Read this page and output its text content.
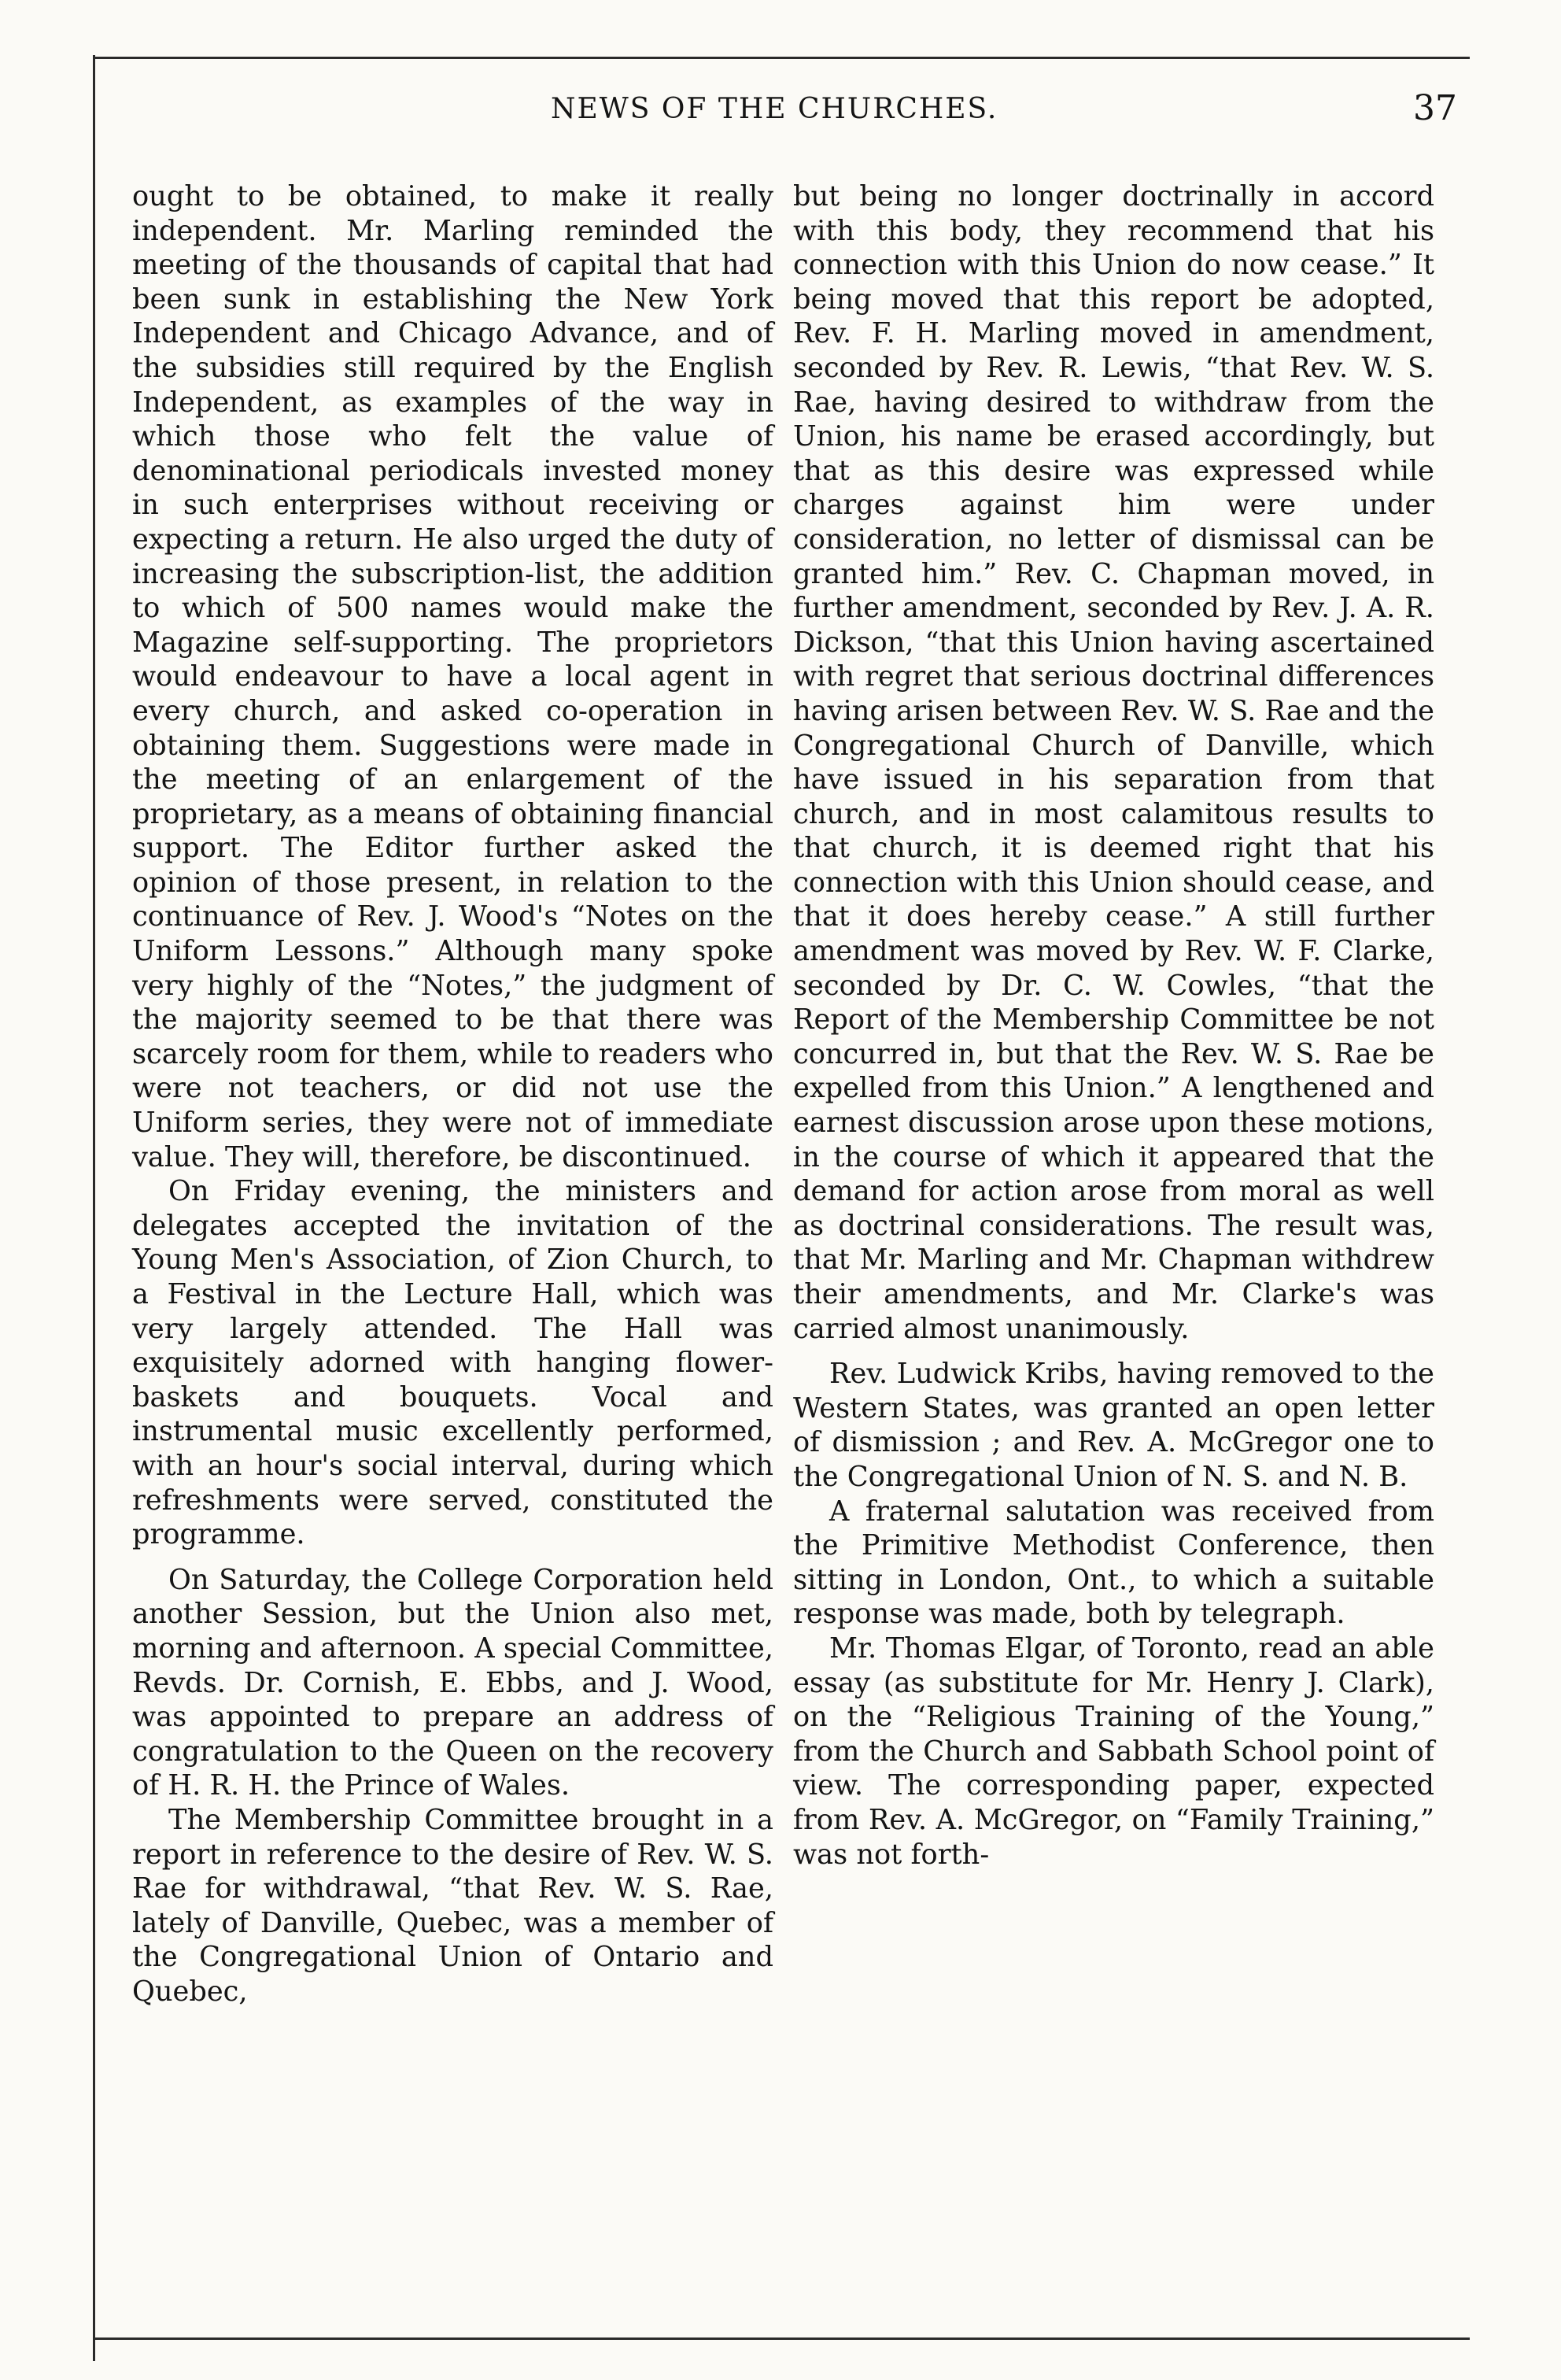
NEWS OF THE CHURCHES.	37

ought to be obtained, to make it really independent. Mr. Marling reminded the meeting of the thousands of capital that had been sunk in establishing the New York Independent and Chicago Advance, and of the subsidies still required by the English Independent, as examples of the way in which those who felt the value of denominational periodicals invested money in such enterprises without receiving or expecting a return. He also urged the duty of increasing the subscription-list, the addition to which of 500 names would make the Magazine self-supporting. The proprietors would endeavour to have a local agent in every church, and asked co-operation in obtaining them. Suggestions were made in the meeting of an enlargement of the proprietary, as a means of obtaining financial support. The Editor further asked the opinion of those present, in relation to the continuance of Rev. J. Wood's “Notes on the Uniform Lessons.” Although many spoke very highly of the “Notes,” the judgment of the majority seemed to be that there was scarcely room for them, while to readers who were not teachers, or did not use the Uniform series, they were not of immediate value. They will, therefore, be discontinued.

On Friday evening, the ministers and delegates accepted the invitation of the Young Men's Association, of Zion Church, to a Festival in the Lecture Hall, which was very largely attended. The Hall was exquisitely adorned with hanging flower-baskets and bouquets. Vocal and instrumental music excellently performed, with an hour's social interval, during which refreshments were served, constituted the programme.

On Saturday, the College Corporation held another Session, but the Union also met, morning and afternoon. A special Committee, Revds. Dr. Cornish, E. Ebbs, and J. Wood, was appointed to prepare an address of congratulation to the Queen on the recovery of H. R. H. the Prince of Wales.

The Membership Committee brought in a report in reference to the desire of Rev. W. S. Rae for withdrawal, “that Rev. W. S. Rae, lately of Danville, Quebec, was a member of the Congregational Union of Ontario and Quebec,

but being no longer doctrinally in accord with this body, they recommend that his connection with this Union do now cease.” It being moved that this report be adopted, Rev. F. H. Marling moved in amendment, seconded by Rev. R. Lewis, “that Rev. W. S. Rae, having desired to withdraw from the Union, his name be erased accordingly, but that as this desire was expressed while charges against him were under consideration, no letter of dismissal can be granted him.” Rev. C. Chapman moved, in further amendment, seconded by Rev. J. A. R. Dickson, “that this Union having ascertained with regret that serious doctrinal differences having arisen between Rev. W. S. Rae and the Congregational Church of Danville, which have issued in his separation from that church, and in most calamitous results to that church, it is deemed right that his connection with this Union should cease, and that it does hereby cease.” A still further amendment was moved by Rev. W. F. Clarke, seconded by Dr. C. W. Cowles, “that the Report of the Membership Committee be not concurred in, but that the Rev. W. S. Rae be expelled from this Union.” A lengthened and earnest discussion arose upon these motions, in the course of which it appeared that the demand for action arose from moral as well as doctrinal considerations. The result was, that Mr. Marling and Mr. Chapman withdrew their amendments, and Mr. Clarke's was carried almost unanimously.

Rev. Ludwick Kribs, having removed to the Western States, was granted an open letter of dismission ; and Rev. A. McGregor one to the Congregational Union of N. S. and N. B.

A fraternal salutation was received from the Primitive Methodist Conference, then sitting in London, Ont., to which a suitable response was made, both by telegraph.

Mr. Thomas Elgar, of Toronto, read an able essay (as substitute for Mr. Henry J. Clark), on the “Religious Training of the Young,” from the Church and Sabbath School point of view. The corresponding paper, expected from Rev. A. McGregor, on “Family Training,” was not forth-
